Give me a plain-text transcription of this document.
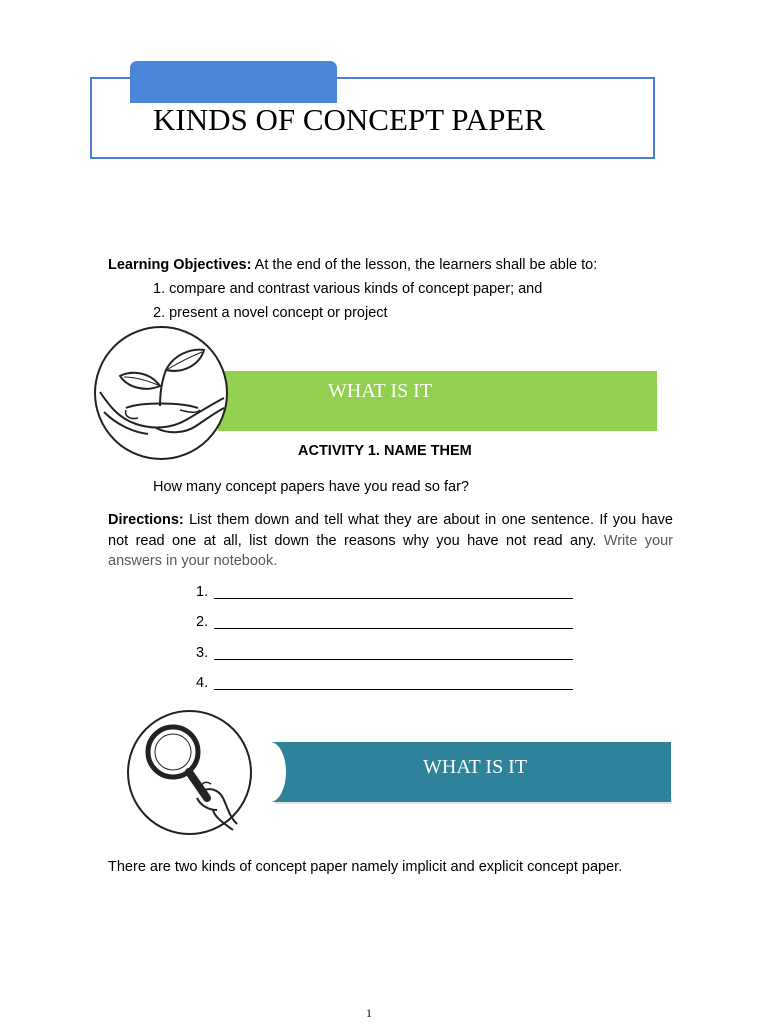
KINDS OF CONCEPT PAPER
Learning Objectives: At the end of the lesson, the learners shall be able to:
1. compare and contrast various kinds of concept paper; and
2. present a novel concept or project
WHAT IS IT
ACTIVITY 1. NAME THEM
How many concept papers have you read so far?
Directions: List them down and tell what they are about in one sentence. If you have not read one at all, list down the reasons why you have not read any. Write your answers in your notebook.
1.
2.
3.
4.
WHAT IS IT
There are two kinds of concept paper namely implicit and explicit concept paper.
1
